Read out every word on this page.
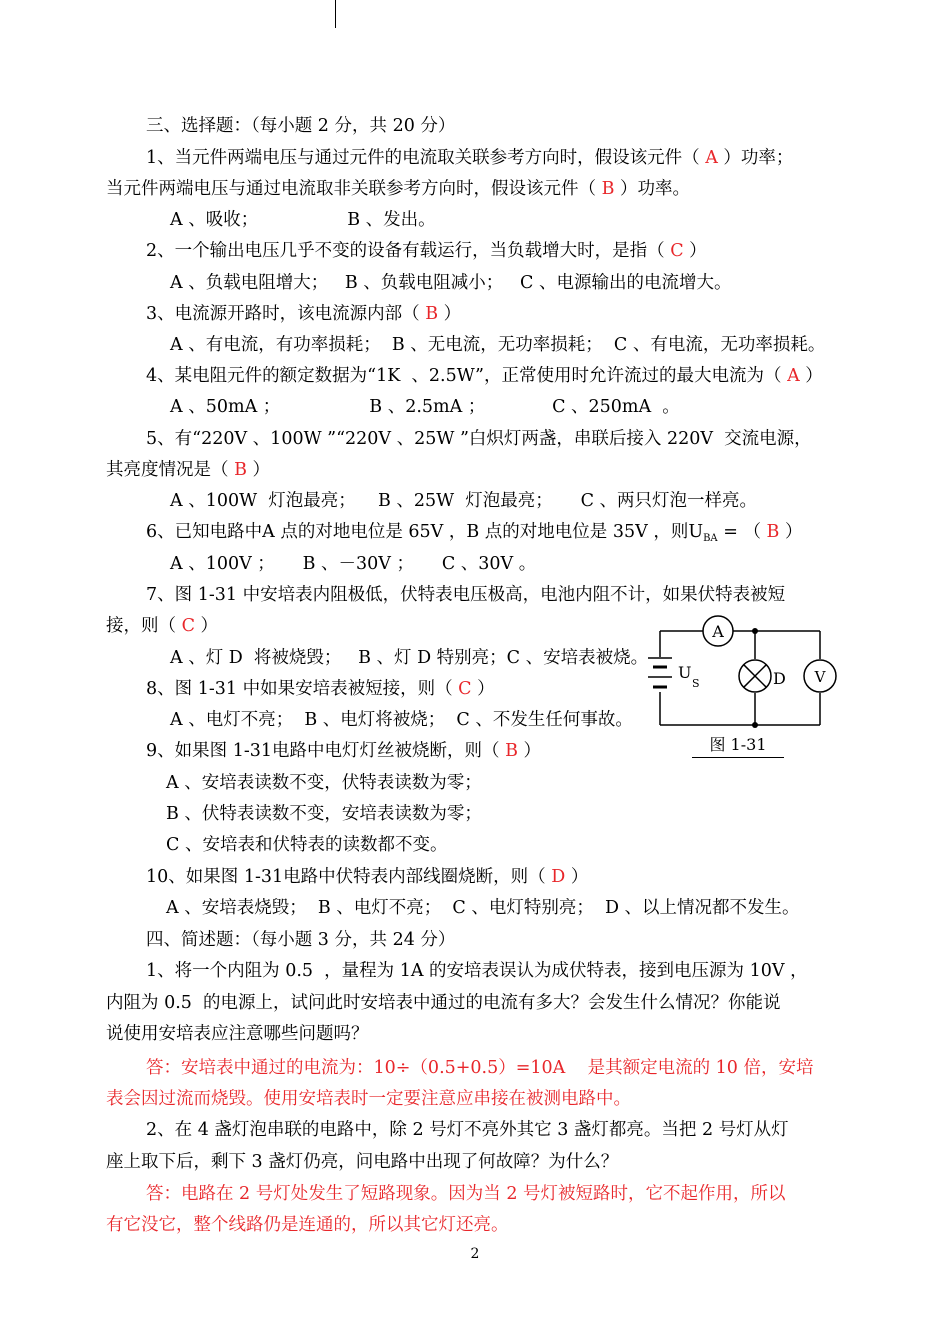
三、选择题：（每小题 2 分，共 20 分）
1、当元件两端电压与通过元件的电流取关联参考方向时，假设该元件（ A ）功率；
当元件两端电压与通过电流取非关联参考方向时，假设该元件（ B ）功率。
A 、吸收；                B 、发出。
2、一个输出电压几乎不变的设备有载运行，当负载增大时，是指（ C ）
A 、负载电阻增大；   B 、负载电阻减小；   C 、电源输出的电流增大。
3、电流源开路时，该电流源内部（ B ）
A 、有电流，有功率损耗；  B 、无电流，无功率损耗；  C 、有电流，无功率损耗。
4、某电阻元件的额定数据为“1K  、2.5W”，正常使用时允许流过的最大电流为（ A ）
A 、50mA ；                B 、2.5mA ；            C 、250mA  。
5、有“220V 、100W ”“220V 、25W ”白炽灯两盏，串联后接入 220V  交流电源，
其亮度情况是（ B ）
A 、100W  灯泡最亮；    B 、25W  灯泡最亮；     C 、两只灯泡一样亮。
6、已知电路中A 点的对地电位是 65V ，B 点的对地电位是 35V ，则$U_{BA}$ = （ B ）
A 、100V ；     B 、－30V ；     C 、30V 。
7、图 1-31 中安培表内阻极低，伏特表电压极高，电池内阻不计，如果伏特表被短
接，则（ C ）
A 、灯 D  将被烧毁；   B 、灯 D 特别亮；C 、安培表被烧。
8、图 1-31 中如果安培表被短接，则（ C ）
A 、电灯不亮；  B 、电灯将被烧；  C 、不发生任何事故。
9、如果图 1-31电路中电灯灯丝被烧断，则（ B ）
A 、安培表读数不变，伏特表读数为零；
B 、伏特表读数不变，安培表读数为零；
C 、安培表和伏特表的读数都不变。
10、如果图 1-31电路中伏特表内部线圈烧断，则（ D ）
A 、安培表烧毁；  B 、电灯不亮；  C 、电灯特别亮；  D 、以上情况都不发生。
四、简述题：（每小题 3 分，共 24 分）
1、将一个内阻为 0.5  ，量程为 1A 的安培表误认为成伏特表，接到电压源为 10V ，
内阻为 0.5  的电源上，试问此时安培表中通过的电流有多大？会发生什么情况？你能说
说使用安培表应注意哪些问题吗？
答：安培表中通过的电流为：10÷（0.5+0.5）=10A    是其额定电流的 10 倍，安培
表会因过流而烧毁。使用安培表时一定要注意应串接在被测电路中。
2、在 4 盏灯泡串联的电路中，除 2 号灯不亮外其它 3 盏灯都亮。当把 2 号灯从灯
座上取下后，剩下 3 盏灯仍亮，问电路中出现了何故障？为什么？
答：电路在 2 号灯处发生了短路现象。因为当 2 号灯被短路时，它不起作用，所以
有它没它，整个线路仍是连通的，所以其它灯还亮。
A
V
D
U
S
图 1-31
2
